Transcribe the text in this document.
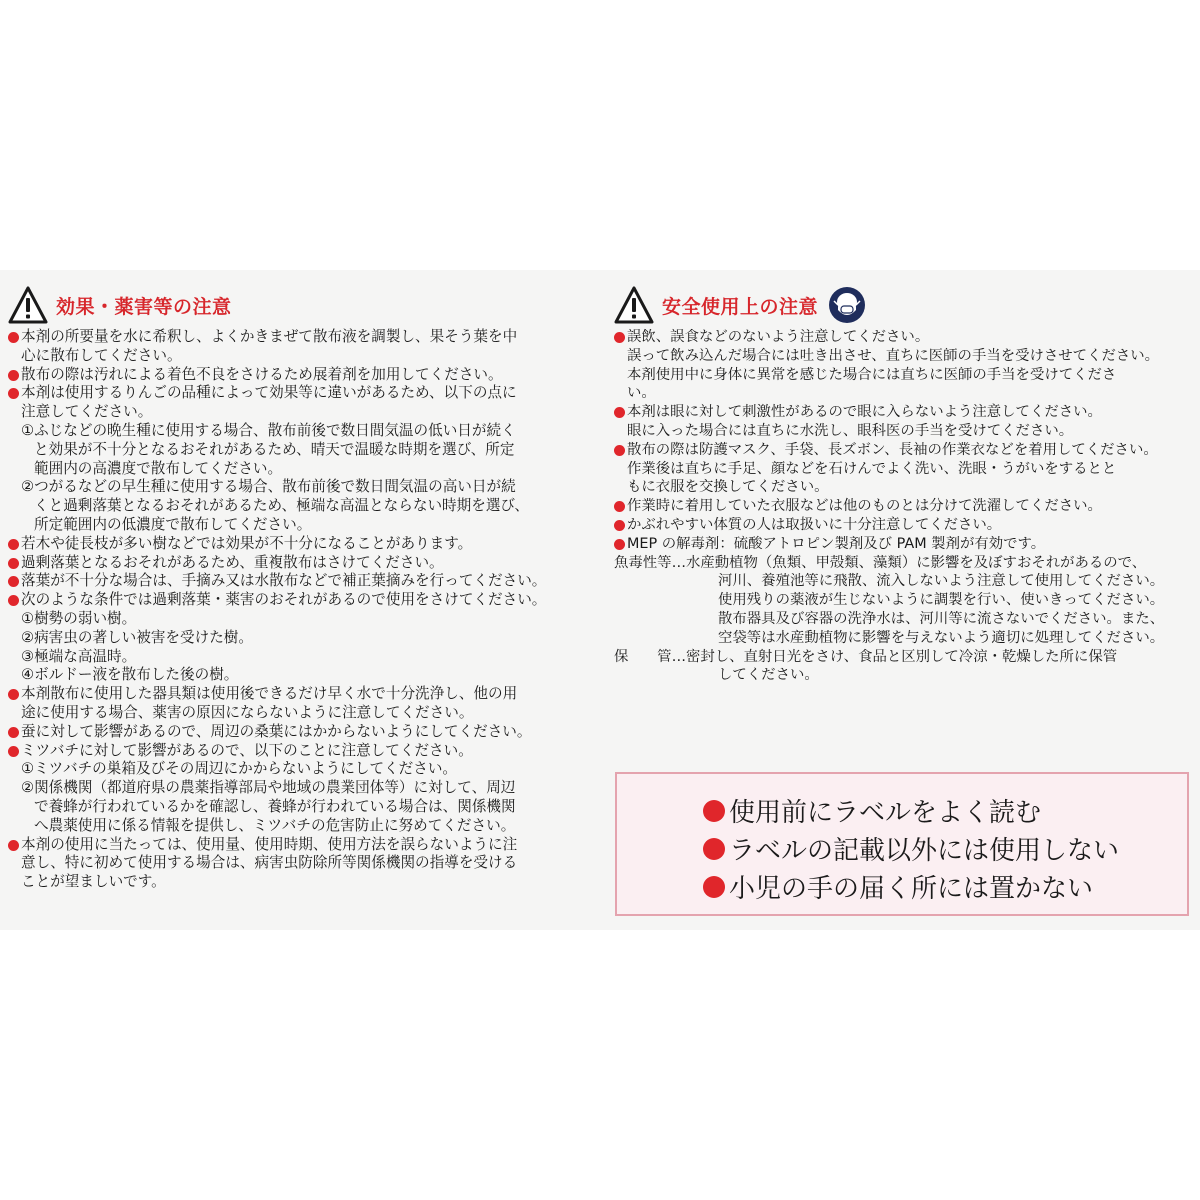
効果・薬害等の注意
本剤の所要量を水に希釈し、よくかきまぜて散布液を調製し、果そう葉を中
心に散布してください。
散布の際は汚れによる着色不良をさけるため展着剤を加用してください。
本剤は使用するりんごの品種によって効果等に違いがあるため、以下の点に
注意してください。
①ふじなどの晩生種に使用する場合、散布前後で数日間気温の低い日が続く
と効果が不十分となるおそれがあるため、晴天で温暖な時期を選び、所定
範囲内の高濃度で散布してください。
②つがるなどの早生種に使用する場合、散布前後で数日間気温の高い日が続
くと過剰落葉となるおそれがあるため、極端な高温とならない時期を選び、
所定範囲内の低濃度で散布してください。
若木や徒長枝が多い樹などでは効果が不十分になることがあります。
過剰落葉となるおそれがあるため、重複散布はさけてください。
落葉が不十分な場合は、手摘み又は水散布などで補正葉摘みを行ってください。
次のような条件では過剰落葉・薬害のおそれがあるので使用をさけてください。
①樹勢の弱い樹。
②病害虫の著しい被害を受けた樹。
③極端な高温時。
④ボルドー液を散布した後の樹。
本剤散布に使用した器具類は使用後できるだけ早く水で十分洗浄し、他の用
途に使用する場合、薬害の原因にならないように注意してください。
蚕に対して影響があるので、周辺の桑葉にはかからないようにしてください。
ミツバチに対して影響があるので、以下のことに注意してください。
①ミツバチの巣箱及びその周辺にかからないようにしてください。
②関係機関（都道府県の農薬指導部局や地域の農業団体等）に対して、周辺
で養蜂が行われているかを確認し、養蜂が行われている場合は、関係機関
へ農薬使用に係る情報を提供し、ミツバチの危害防止に努めてください。
本剤の使用に当たっては、使用量、使用時期、使用方法を誤らないように注
意し、特に初めて使用する場合は、病害虫防除所等関係機関の指導を受ける
ことが望ましいです。
安全使用上の注意
誤飲、誤食などのないよう注意してください。
誤って飲み込んだ場合には吐き出させ、直ちに医師の手当を受けさせてください。
本剤使用中に身体に異常を感じた場合には直ちに医師の手当を受けてくださ
い。
本剤は眼に対して刺激性があるので眼に入らないよう注意してください。
眼に入った場合には直ちに水洗し、眼科医の手当を受けてください。
散布の際は防護マスク、手袋、長ズボン、長袖の作業衣などを着用してください。
作業後は直ちに手足、顔などを石けんでよく洗い、洗眼・うがいをするとと
もに衣服を交換してください。
作業時に着用していた衣服などは他のものとは分けて洗濯してください。
かぶれやすい体質の人は取扱いに十分注意してください。
MEP の解毒剤：硫酸アトロピン製剤及び PAM 製剤が有効です。
魚毒性等…水産動植物（魚類、甲殻類、藻類）に影響を及ぼすおそれがあるので、
河川、養殖池等に飛散、流入しないよう注意して使用してください。
使用残りの薬液が生じないように調製を行い、使いきってください。
散布器具及び容器の洗浄水は、河川等に流さないでください。また、
空袋等は水産動植物に影響を与えないよう適切に処理してください。
保　　管…密封し、直射日光をさけ、食品と区別して冷涼・乾燥した所に保管
してください。
使用前にラベルをよく読む
ラベルの記載以外には使用しない
小児の手の届く所には置かない
